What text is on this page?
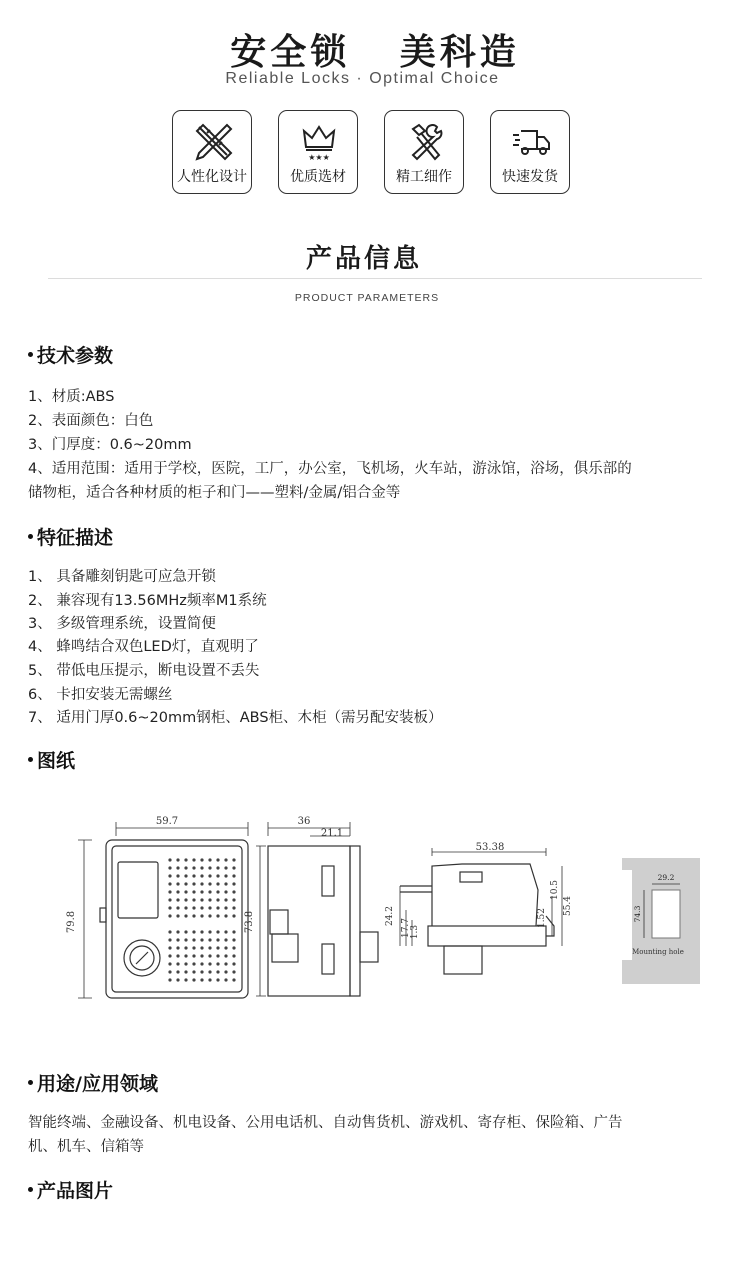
安全锁   美科造
Reliable Locks · Optimal Choice
人性化设计
★★★
优质选材	精工细作	快速发货
产品信息
PRODUCT PARAMETERS
技术参数
1、材质:ABS
2、表面颜色：白色
3、门厚度：0.6~20mm
4、适用范围：适用于学校，医院，工厂，办公室，飞机场，火车站，游泳馆，浴场，俱乐部的
储物柜，适合各种材质的柜子和门——塑料/金属/铝合金等
特征描述
1、 具备雕刻钥匙可应急开锁
2、 兼容现有13.56MHz频率M1系统
3、 多级管理系统，设置简便
4、 蜂鸣结合双色LED灯，直观明了
5、 带低电压提示，断电设置不丢失
6、 卡扣安装无需螺丝
7、 适用门厚0.6~20mm钢柜、ABS柜、木柜（需另配安装板）
图纸
59.7
79.8
36
21.1
73.8
53.38
24.2
17.7 1.3
1.52
10.5
55.4
29.2
74.3
Mounting hole
用途/应用领域
智能终端、金融设备、机电设备、公用电话机、自动售货机、游戏机、寄存柜、保险箱、广告
机、机车、信箱等
产品图片
